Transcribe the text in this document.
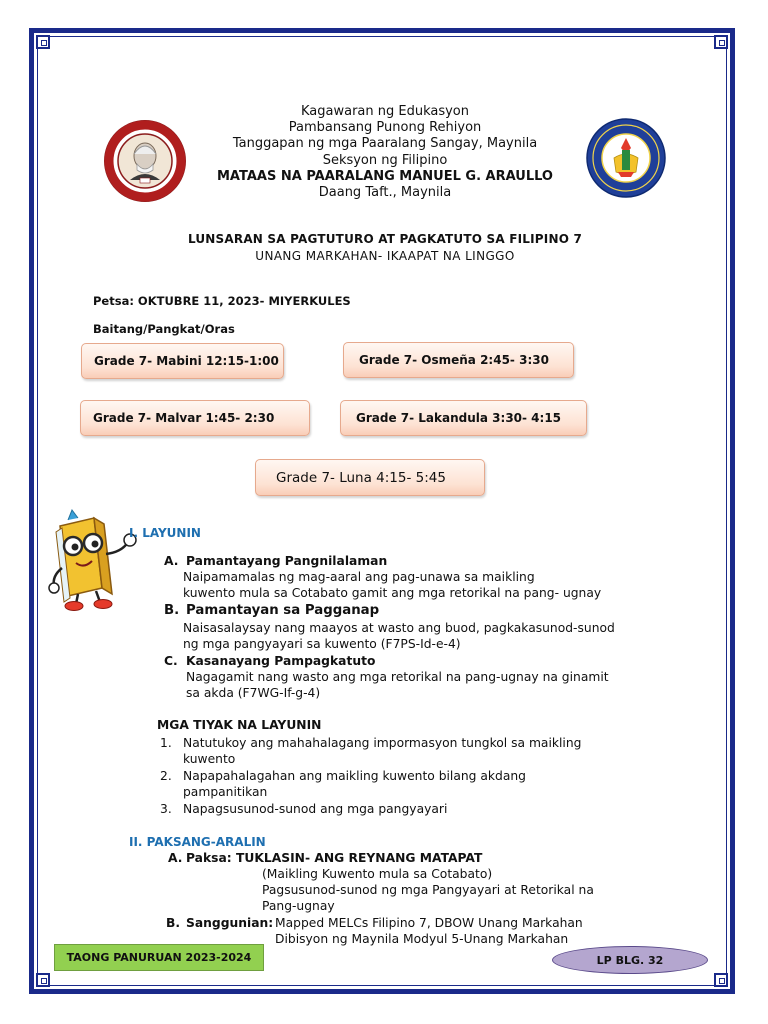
Kagawaran ng Edukasyon
Pambansang Punong Rehiyon
Tanggapan ng mga Paaralang Sangay, Maynila
Seksyon ng Filipino
MATAAS NA PAARALANG MANUEL G. ARAULLO
Daang Taft., Maynila
LUNSARAN SA PAGTUTURO AT PAGKATUTO SA FILIPINO 7
UNANG MARKAHAN- IKAAPAT NA LINGGO
Petsa: OKTUBRE 11, 2023- MIYERKULES
Baitang/Pangkat/Oras
Grade 7- Mabini 12:15-1:00	Grade 7- Osmeña 2:45- 3:30
Grade 7- Malvar 1:45- 2:30	Grade 7- Lakandula 3:30- 4:15
Grade 7- Luna 4:15- 5:45
I. LAYUNIN
A. Pamantayang Pangnilalaman
Naipamamalas ng mag-aaral ang pag-unawa sa maikling
kuwento mula sa Cotabato gamit ang mga retorikal na pang- ugnay
B. Pamantayan sa Pagganap
Naisasalaysay nang maayos at wasto ang buod, pagkakasunod-sunod
ng mga pangyayari sa kuwento (F7PS-Id-e-4)
C. Kasanayang Pampagkatuto
Nagagamit nang wasto ang mga retorikal na pang-ugnay na ginamit
sa akda (F7WG-If-g-4)
MGA TIYAK NA LAYUNIN
1. Natutukoy ang mahahalagang impormasyon tungkol sa maikling
kuwento
2. Napapahalagahan ang maikling kuwento bilang akdang
pampanitikan
3. Napagsusunod-sunod ang mga pangyayari
II. PAKSANG-ARALIN
A. Paksa: TUKLASIN- ANG REYNANG MATAPAT
(Maikling Kuwento mula sa Cotabato)
Pagsusunod-sunod ng mga Pangyayari at Retorikal na
Pang-ugnay
B. Sanggunian: Mapped MELCs Filipino 7, DBOW Unang Markahan
Dibisyon ng Maynila Modyul 5-Unang Markahan
TAONG PANURUAN 2023-2024	LP BLG. 32
